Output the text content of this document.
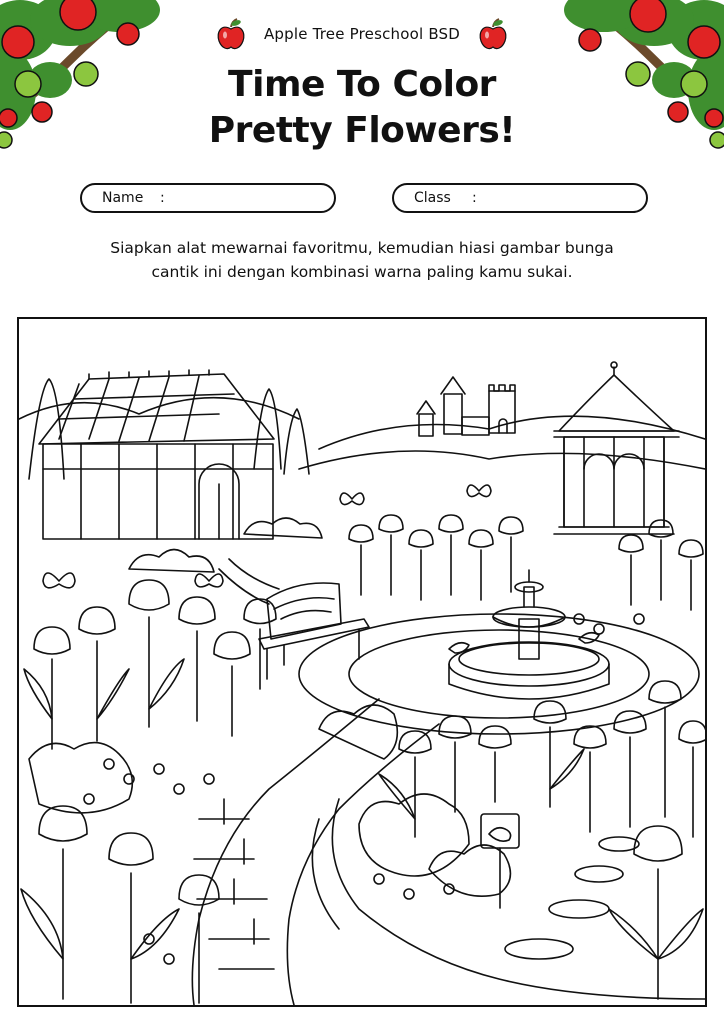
Apple Tree Preschool BSD
Time To Color
Pretty Flowers!
Name	:	Class	:
Siapkan alat mewarnai favoritmu, kemudian hiasi gambar bunga
cantik ini dengan kombinasi warna paling kamu sukai.
